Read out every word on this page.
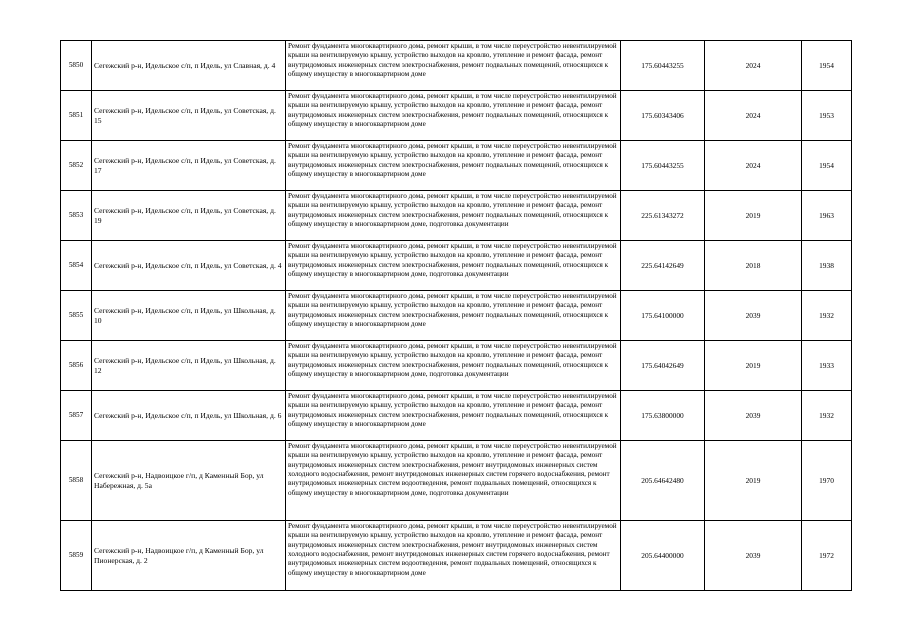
5850	Сегежский р-н, Идельское с/п, п Идель, ул Славная, д. 4	Ремонт фундамента многоквартирного дома, ремонт крыши, в том числе переустройство невентилируемой крыши на вентилируемую крышу, устройство выходов на кровлю, утепление и ремонт фасада, ремонт внутридомовых инженерных систем электроснабжения, ремонт подвальных помещений, относящихся к общему имуществу в многоквартирном доме	175.60443255	2024	1954
5851	Сегежский р-н, Идельское с/п, п Идель, ул Советская, д. 15	Ремонт фундамента многоквартирного дома, ремонт крыши, в том числе переустройство невентилируемой крыши на вентилируемую крышу, устройство выходов на кровлю, утепление и ремонт фасада, ремонт внутридомовых инженерных систем электроснабжения, ремонт подвальных помещений, относящихся к общему имуществу в многоквартирном доме	175.60343406	2024	1953
5852	Сегежский р-н, Идельское с/п, п Идель, ул Советская, д. 17	Ремонт фундамента многоквартирного дома, ремонт крыши, в том числе переустройство невентилируемой крыши на вентилируемую крышу, устройство выходов на кровлю, утепление и ремонт фасада, ремонт внутридомовых инженерных систем электроснабжения, ремонт подвальных помещений, относящихся к общему имуществу в многоквартирном доме	175.60443255	2024	1954
5853	Сегежский р-н, Идельское с/п, п Идель, ул Советская, д. 19	Ремонт фундамента многоквартирного дома, ремонт крыши, в том числе переустройство невентилируемой крыши на вентилируемую крышу, устройство выходов на кровлю, утепление и ремонт фасада, ремонт внутридомовых инженерных систем электроснабжения, ремонт подвальных помещений, относящихся к общему имуществу в многоквартирном доме, подготовка документации	225.61343272	2019	1963
5854	Сегежский р-н, Идельское с/п, п Идель, ул Советская, д. 4	Ремонт фундамента многоквартирного дома, ремонт крыши, в том числе переустройство невентилируемой крыши на вентилируемую крышу, устройство выходов на кровлю, утепление и ремонт фасада, ремонт внутридомовых инженерных систем электроснабжения, ремонт подвальных помещений, относящихся к общему имуществу в многоквартирном доме, подготовка документации	225.64142649	2018	1938
5855	Сегежский р-н, Идельское с/п, п Идель, ул Школьная, д. 10	Ремонт фундамента многоквартирного дома, ремонт крыши, в том числе переустройство невентилируемой крыши на вентилируемую крышу, устройство выходов на кровлю, утепление и ремонт фасада, ремонт внутридомовых инженерных систем электроснабжения, ремонт подвальных помещений, относящихся к общему имуществу в многоквартирном доме	175.64100000	2039	1932
5856	Сегежский р-н, Идельское с/п, п Идель, ул Школьная, д. 12	Ремонт фундамента многоквартирного дома, ремонт крыши, в том числе переустройство невентилируемой крыши на вентилируемую крышу, устройство выходов на кровлю, утепление и ремонт фасада, ремонт внутридомовых инженерных систем электроснабжения, ремонт подвальных помещений, относящихся к общему имуществу в многоквартирном доме, подготовка документации	175.64042649	2019	1933
5857	Сегежский р-н, Идельское с/п, п Идель, ул Школьная, д. 6	Ремонт фундамента многоквартирного дома, ремонт крыши, в том числе переустройство невентилируемой крыши на вентилируемую крышу, устройство выходов на кровлю, утепление и ремонт фасада, ремонт внутридомовых инженерных систем электроснабжения, ремонт подвальных помещений, относящихся к общему имуществу в многоквартирном доме	175.63800000	2039	1932
5858	Сегежский р-н, Надвоицкое г/п, д Каменный Бор, ул Набережная, д. 5а	Ремонт фундамента многоквартирного дома, ремонт крыши, в том числе переустройство невентилируемой крыши на вентилируемую крышу, устройство выходов на кровлю, утепление и ремонт фасада, ремонт внутридомовых инженерных систем электроснабжения, ремонт внутридомовых инженерных систем холодного водоснабжения, ремонт внутридомовых инженерных систем горячего водоснабжения, ремонт внутридомовых инженерных систем водоотведения, ремонт подвальных помещений, относящихся к общему имуществу в многоквартирном доме, подготовка документации	205.64642480	2019	1970
5859	Сегежский р-н, Надвоицкое г/п, д Каменный Бор, ул Пионерская, д. 2	Ремонт фундамента многоквартирного дома, ремонт крыши, в том числе переустройство невентилируемой крыши на вентилируемую крышу, устройство выходов на кровлю, утепление и ремонт фасада, ремонт внутридомовых инженерных систем электроснабжения, ремонт внутридомовых инженерных систем холодного водоснабжения, ремонт внутридомовых инженерных систем горячего водоснабжения, ремонт внутридомовых инженерных систем водоотведения, ремонт подвальных помещений, относящихся к общему имуществу в многоквартирном доме	205.64400000	2039	1972
